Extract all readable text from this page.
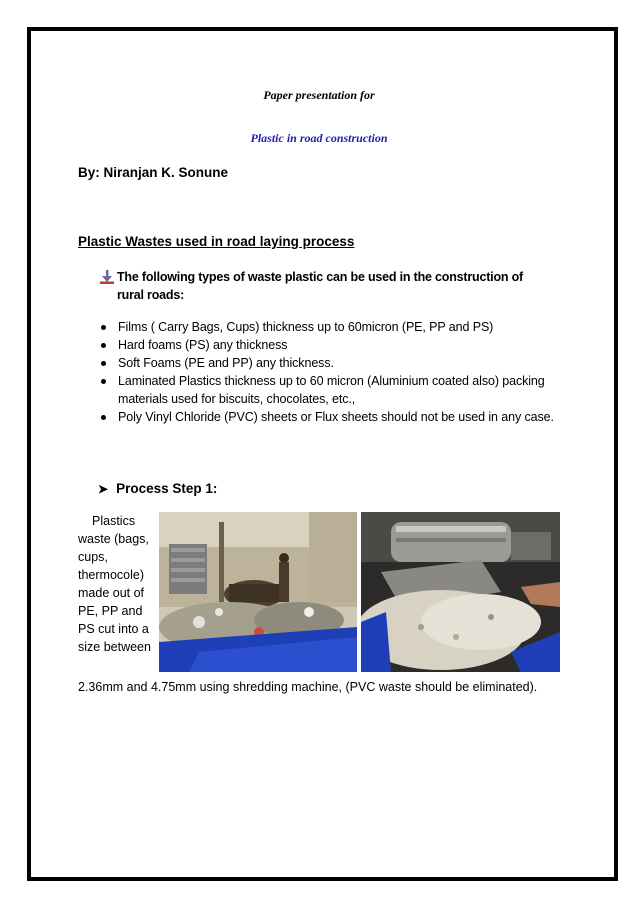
Paper presentation for
Plastic in road construction
By: Niranjan K. Sonune
Plastic Wastes used in road laying process
The following types of waste plastic can be used in the construction of rural roads:
Films ( Carry Bags, Cups) thickness up to 60micron (PE, PP and PS)
Hard foams (PS) any thickness
Soft Foams (PE and PP) any thickness.
Laminated Plastics thickness up to 60 micron (Aluminium coated also) packing materials used for biscuits, chocolates, etc.,
Poly Vinyl Chloride (PVC) sheets or Flux sheets should not be used in any case.
➤ Process Step 1:
Plastics waste (bags, cups, thermocole) made out of PE, PP and PS cut into a size between
2.36mm and 4.75mm using shredding machine, (PVC waste should be eliminated).
